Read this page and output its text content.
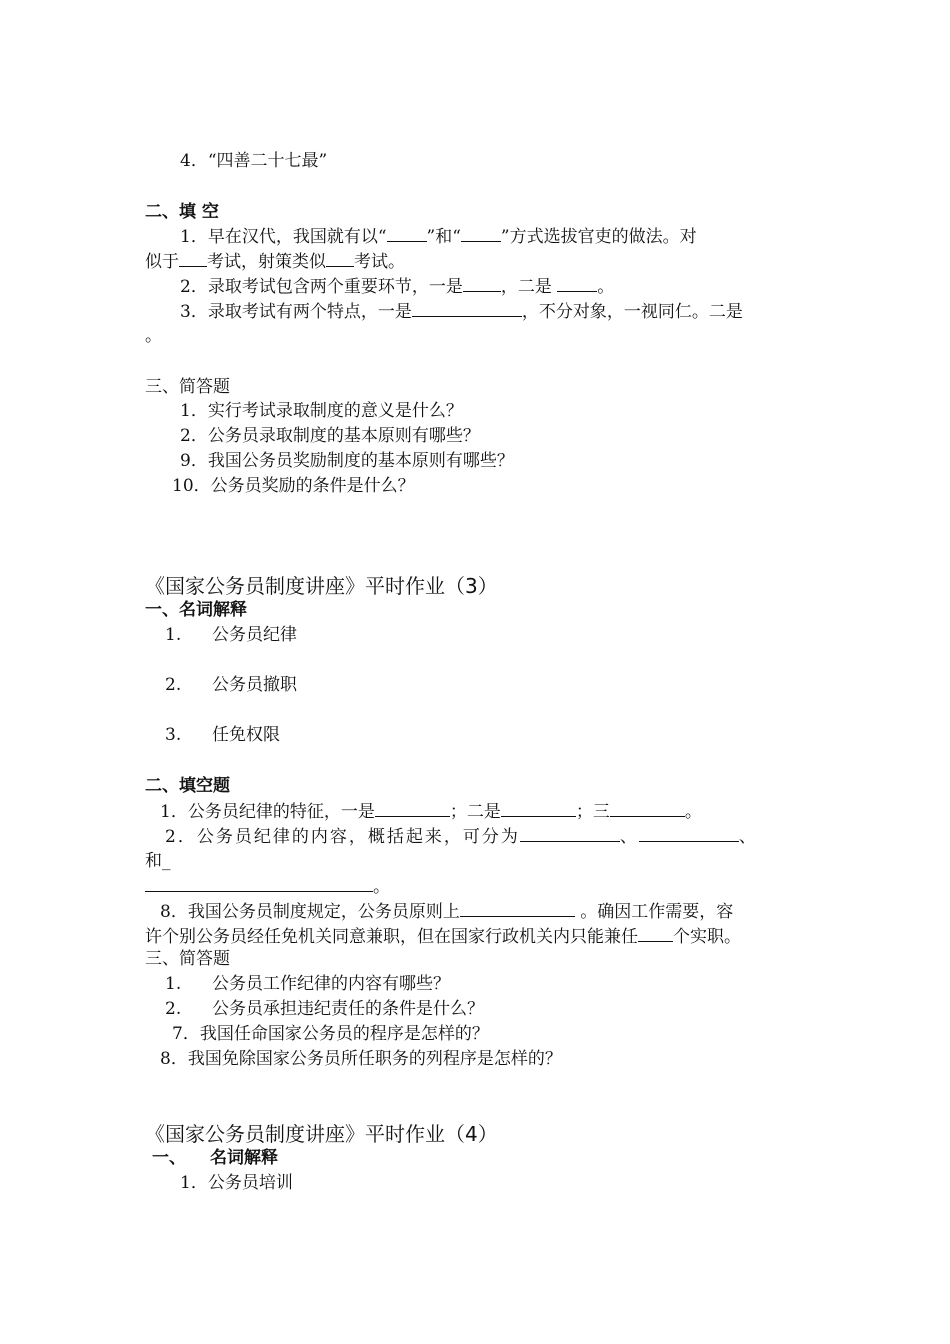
4．“四善二十七最”
二、填 空
1．早在汉代，我国就有以“ ”和“ ”方式选拔官吏的做法。对
似于 考试，射策类似 考试。
2．录取考试包含两个重要环节，一是 ，二是 。
3．录取考试有两个特点，一是	，不分对象，一视同仁。二是
。
三、简答题
1．实行考试录取制度的意义是什么？
2．公务员录取制度的基本原则有哪些？
9．我国公务员奖励制度的基本原则有哪些？
10．公务员奖励的条件是什么？
《国家公务员制度讲座》平时作业（3）
一、名词解释
1. 公务员纪律
2. 公务员撤职
3. 任免权限
二、填空题
1．公务员纪律的特征，一是	；二是	；三	。
2．公务员纪律的内容，概括起来，可分为	、	、
和_
。
8．我国公务员制度规定，公务员原则上	。确因工作需要，容
许个别公务员经任免机关同意兼职，但在国家行政机关内只能兼任 个实职。
三、简答题
1. 公务员工作纪律的内容有哪些？
2. 公务员承担违纪责任的条件是什么？
7．我国任命国家公务员的程序是怎样的？
8．我国免除国家公务员所任职务的列程序是怎样的？
《国家公务员制度讲座》平时作业（4）
一、 名词解释
1．公务员培训
